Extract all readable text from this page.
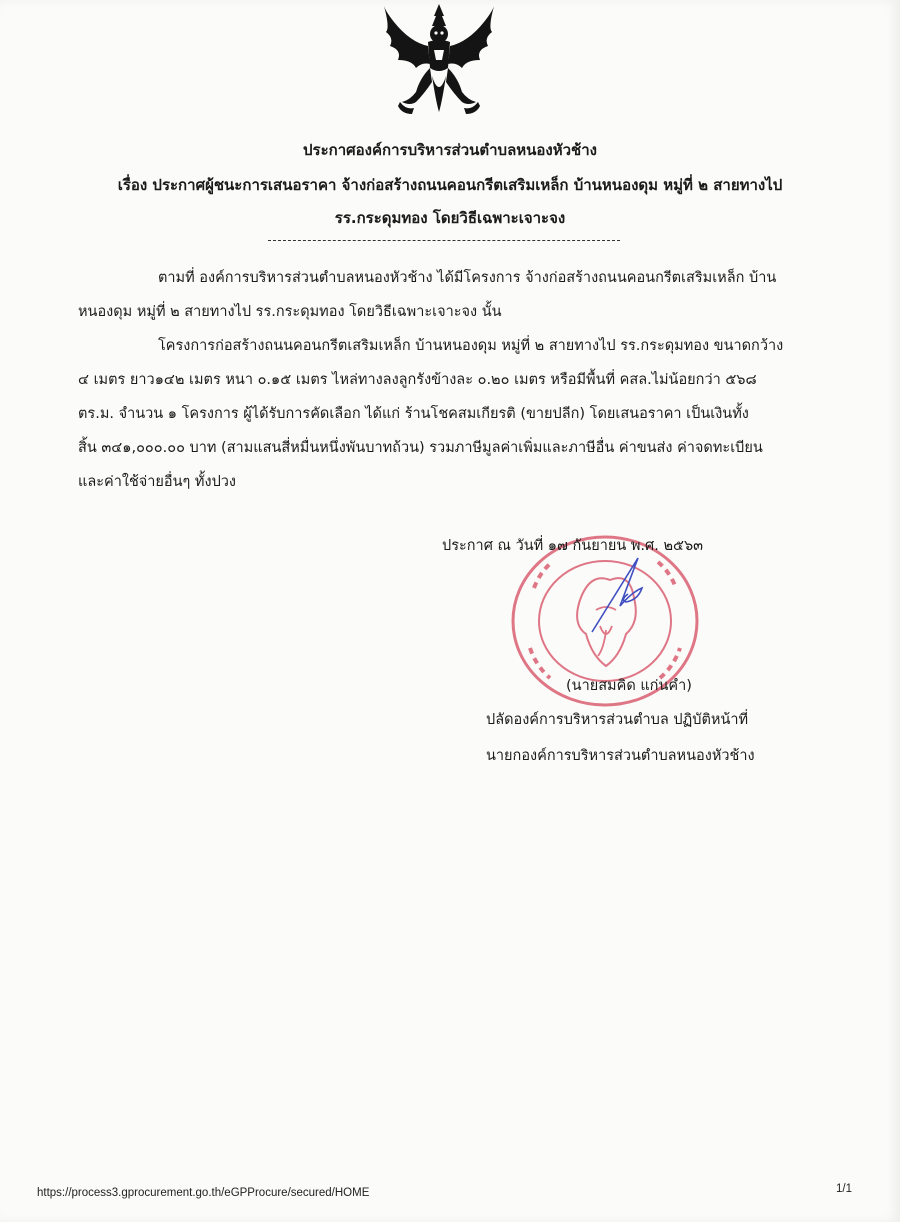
ประกาศองค์การบริหารส่วนตำบลหนองหัวช้าง
เรื่อง ประกาศผู้ชนะการเสนอราคา จ้างก่อสร้างถนนคอนกรีตเสริมเหล็ก บ้านหนองดุม หมู่ที่ ๒ สายทางไป
รร.กระดุมทอง โดยวิธีเฉพาะเจาะจง
ตามที่ องค์การบริหารส่วนตำบลหนองหัวช้าง ได้มีโครงการ จ้างก่อสร้างถนนคอนกรีตเสริมเหล็ก บ้าน
หนองดุม หมู่ที่ ๒ สายทางไป รร.กระดุมทอง โดยวิธีเฉพาะเจาะจง นั้น
โครงการก่อสร้างถนนคอนกรีตเสริมเหล็ก บ้านหนองดุม หมู่ที่ ๒ สายทางไป รร.กระดุมทอง ขนาดกว้าง
๔ เมตร ยาว๑๔๒ เมตร หนา ๐.๑๕ เมตร ไหล่ทางลงลูกรังข้างละ ๐.๒๐ เมตร หรือมีพื้นที่ คสล.ไม่น้อยกว่า ๕๖๘
ตร.ม. จำนวน ๑ โครงการ ผู้ได้รับการคัดเลือก ได้แก่ ร้านโชคสมเกียรติ (ขายปลีก) โดยเสนอราคา เป็นเงินทั้ง
สิ้น ๓๔๑,๐๐๐.๐๐ บาท (สามแสนสี่หมื่นหนึ่งพันบาทถ้วน) รวมภาษีมูลค่าเพิ่มและภาษีอื่น ค่าขนส่ง ค่าจดทะเบียน
และค่าใช้จ่ายอื่นๆ ทั้งปวง
ประกาศ ณ วันที่ ๑๗ กันยายน พ.ศ. ๒๕๖๓
(นายสมคิด แก่นคำ)
ปลัดองค์การบริหารส่วนตำบล ปฏิบัติหน้าที่
นายกองค์การบริหารส่วนตำบลหนองหัวช้าง
https://process3.gprocurement.go.th/eGPProcure/secured/HOME	1/1
